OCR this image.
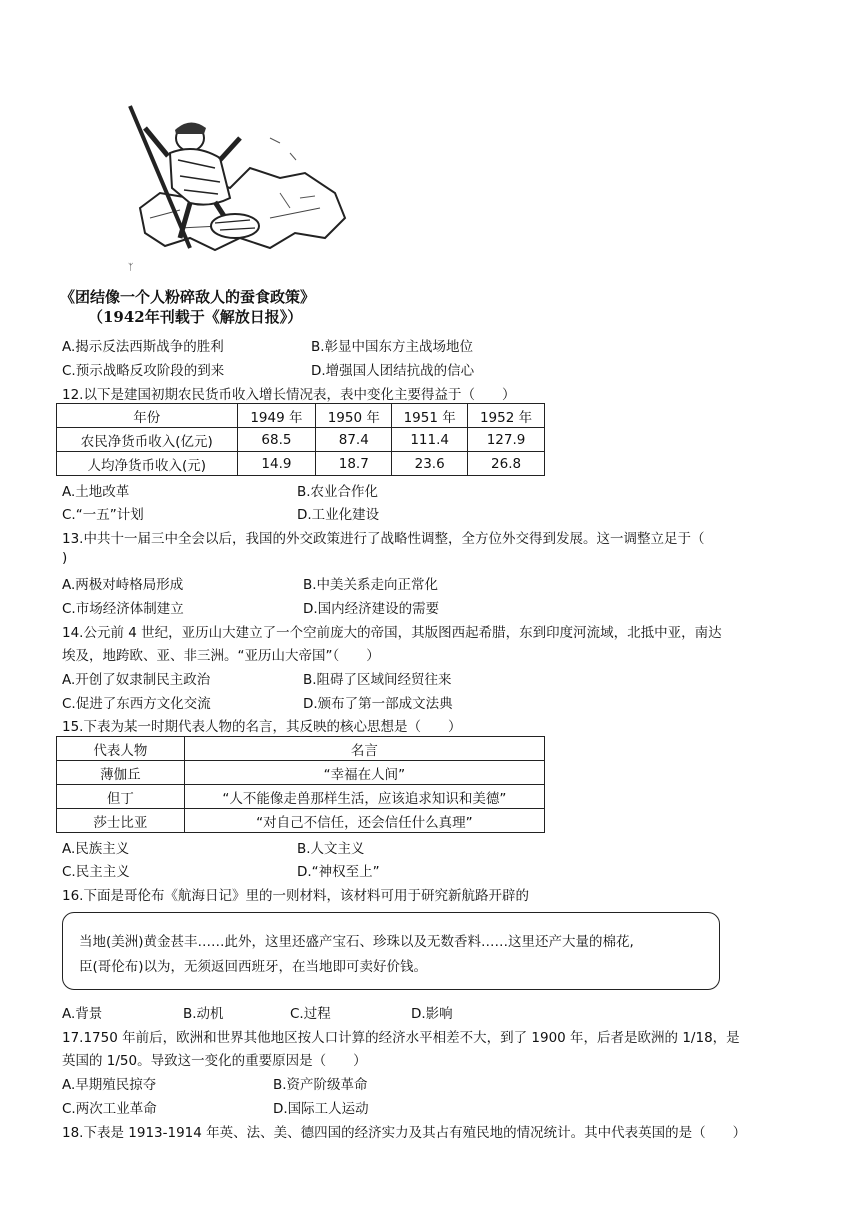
ᛉ
《团结像一个人粉碎敌人的蚕食政策》
（1942年刊载于《解放日报》）
A.揭示反法西斯战争的胜利	B.彰显中国东方主战场地位
C.预示战略反攻阶段的到来	D.增强国人团结抗战的信心
12.以下是建国初期农民货币收入增长情况表，表中变化主要得益于（　　）
年份	1949 年	1950 年	1951 年	1952 年
农民净货币收入(亿元)	68.5	87.4	111.4	127.9
人均净货币收入(元)	14.9	18.7	23.6	26.8
A.土地改革	B.农业合作化
C.“一五”计划	D.工业化建设
13.中共十一届三中全会以后，我国的外交政策进行了战略性调整，全方位外交得到发展。这一调整立足于（
)
A.两极对峙格局形成	B.中美关系走向正常化
C.市场经济体制建立	D.国内经济建设的需要
14.公元前 4 世纪，亚历山大建立了一个空前庞大的帝国，其版图西起希腊，东到印度河流域，北抵中亚，南达
埃及，地跨欧、亚、非三洲。“亚历山大帝国”（　　）
A.开创了奴隶制民主政治	B.阻碍了区域间经贸往来
C.促进了东西方文化交流	D.颁布了第一部成文法典
15.下表为某一时期代表人物的名言，其反映的核心思想是（　　）
代表人物	名言
薄伽丘	“幸福在人间”
但丁	“人不能像走兽那样生活，应该追求知识和美德”
莎士比亚	“对自己不信任，还会信任什么真理”
A.民族主义	B.人文主义
C.民主主义	D.“神权至上”
16.下面是哥伦布《航海日记》里的一则材料，该材料可用于研究新航路开辟的
当地(美洲)黄金甚丰……此外，这里还盛产宝石、珍珠以及无数香料……这里还产大量的棉花,
臣(哥伦布)以为，无须返回西班牙，在当地即可卖好价钱。
A.背景	B.动机	C.过程	D.影响
17.1750 年前后，欧洲和世界其他地区按人口计算的经济水平相差不大，到了 1900 年，后者是欧洲的 1/18，是
英国的 1/50。导致这一变化的重要原因是（　　）
A.早期殖民掠夺	B.资产阶级革命
C.两次工业革命	D.国际工人运动
18.下表是 1913-1914 年英、法、美、德四国的经济实力及其占有殖民地的情况统计。其中代表英国的是（　　）
